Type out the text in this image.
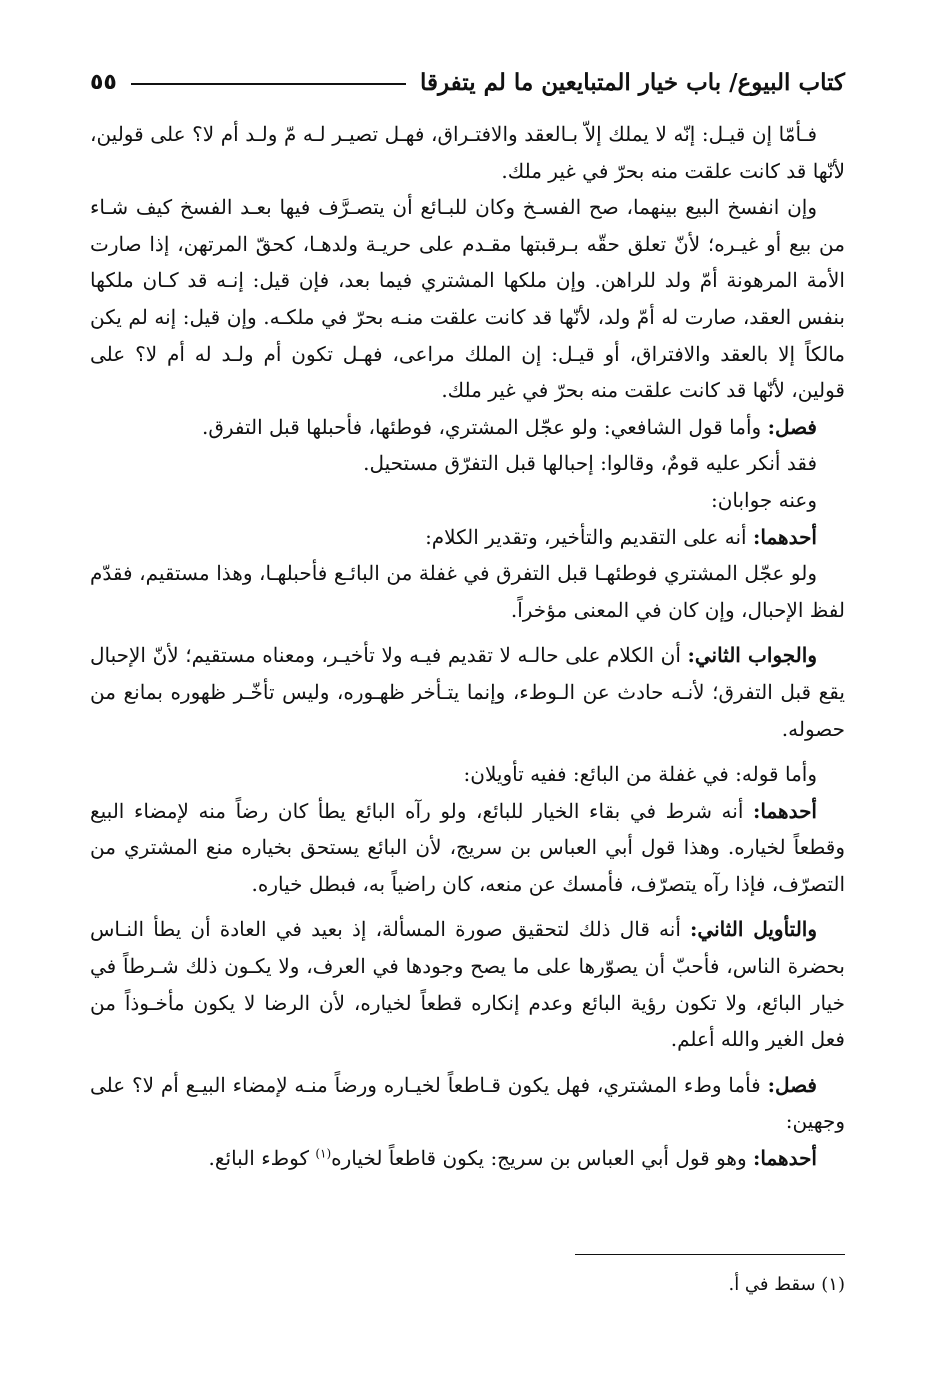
كتاب البيوع/ باب خيار المتبايعين ما لم يتفرقا
٥٥

فـأمّا إن قيـل: إنّه لا يملك إلاّ بـالعقد والافتـراق، فهـل تصيـر لـه مّ ولـد أم لا؟ على قولين، لأنّها قد كانت علقت منه بحرّ في غير ملك.

وإن انفسخ البيع بينهما، صح الفسـخ وكان للبـائع أن يتصـرَّف فيها بعـد الفسخ كيف شـاء من بيع أو غيـره؛ لأنّ تعلق حقّه بـرقبتها مقـدم على حريـة ولدهـا، كحقّ المرتهن، إذا صارت الأمة المرهونة أمّ ولد للراهن. وإن ملكها المشتري فيما بعد، فإن قيل: إنـه قد كـان ملكها بنفس العقد، صارت له أمّ ولد، لأنّها قد كانت علقت منـه بحرّ في ملكـه. وإن قيل: إنه لم يكن مالكاً إلا بالعقد والافتراق، أو قيـل: إن الملك مراعى، فهـل تكون أم ولـد له أم لا؟ على قولين، لأنّها قد كانت علقت منه بحرّ في غير ملك.

فصل: وأما قول الشافعي: ولو عجّل المشتري، فوطئها، فأحبلها قبل التفرق.

فقد أنكر عليه قومٌ، وقالوا: إحبالها قبل التفرّق مستحيل.

وعنه جوابان:

أحدهما: أنه على التقديم والتأخير، وتقدير الكلام:

ولو عجّل المشتري فوطئهـا قبل التفرق في غفلة من البائـع فأحبلهـا، وهذا مستقيم، فقدّم لفظ الإحبال، وإن كان في المعنى مؤخراً.

والجواب الثاني: أن الكلام على حالـه لا تقديم فيـه ولا تأخيـر، ومعناه مستقيم؛ لأنّ الإحبال يقع قبل التفرق؛ لأنـه حادث عن الـوطء، وإنما يتـأخر ظهـوره، وليس تأخّـر ظهوره بمانع من حصوله.

وأما قوله: في غفلة من البائع: ففيه تأويلان:

أحدهما: أنه شرط في بقاء الخيار للبائع، ولو رآه البائع يطأ كان رضاً منه لإمضاء البيع وقطعاً لخياره. وهذا قول أبي العباس بن سريج، لأن البائع يستحق بخياره منع المشتري من التصرّف، فإذا رآه يتصرّف، فأمسك عن منعه، كان راضياً به، فبطل خياره.

والتأويل الثاني: أنه قال ذلك لتحقيق صورة المسألة، إذ بعيد في العادة أن يطأ النـاس بحضرة الناس، فأحبّ أن يصوّرها على ما يصح وجودها في العرف، ولا يكـون ذلك شـرطاً في خيار البائع، ولا تكون رؤية البائع وعدم إنكاره قطعاً لخياره، لأن الرضا لا يكون مأخـوذاً من فعل الغير والله أعلم.

فصل: فأما وطء المشتري، فهل يكون قـاطعاً لخيـاره ورضاً منـه لإمضاء البيـع أم لا؟ على وجهين:

أحدهما: وهو قول أبي العباس بن سريج: يكون قاطعاً لخياره$^{(١)}$ كوطء البائع.

(١) سقط في أ.
